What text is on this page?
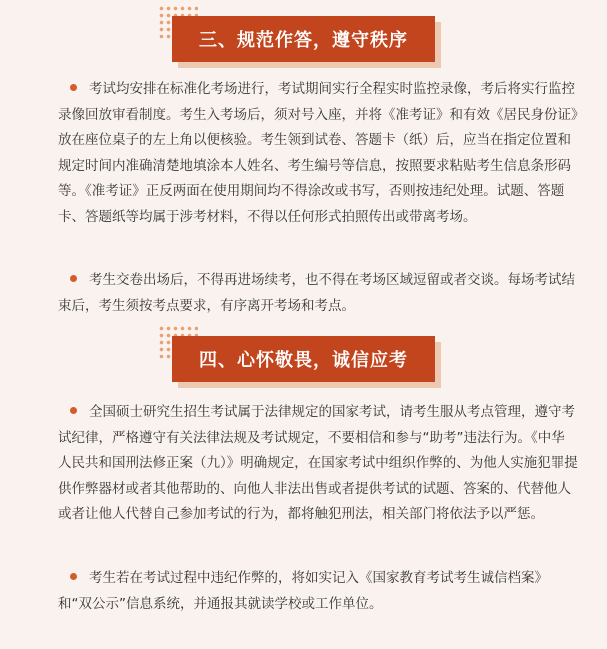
三、规范作答，遵守秩序
考试均安排在标准化考场进行，考试期间实行全程实时监控录像，考后将实行监控录像回放审看制度。考生入考场后，须对号入座，并将《准考证》和有效《居民身份证》放在座位桌子的左上角以便核验。考生领到试卷、答题卡（纸）后，应当在指定位置和规定时间内准确清楚地填涂本人姓名、考生编号等信息，按照要求粘贴考生信息条形码等。《准考证》正反两面在使用期间均不得涂改或书写，否则按违纪处理。试题、答题卡、答题纸等均属于涉考材料，不得以任何形式拍照传出或带离考场。
考生交卷出场后，不得再进场续考，也不得在考场区域逗留或者交谈。每场考试结束后，考生须按考点要求，有序离开考场和考点。
四、心怀敬畏，诚信应考
全国硕士研究生招生考试属于法律规定的国家考试，请考生服从考点管理，遵守考试纪律，严格遵守有关法律法规及考试规定，不要相信和参与“助考”违法行为。《中华人民共和国刑法修正案（九）》明确规定，在国家考试中组织作弊的、为他人实施犯罪提供作弊器材或者其他帮助的、向他人非法出售或者提供考试的试题、答案的、代替他人或者让他人代替自己参加考试的行为，都将触犯刑法，相关部门将依法予以严惩。
考生若在考试过程中违纪作弊的，将如实记入《国家教育考试考生诚信档案》和“双公示”信息系统，并通报其就读学校或工作单位。
